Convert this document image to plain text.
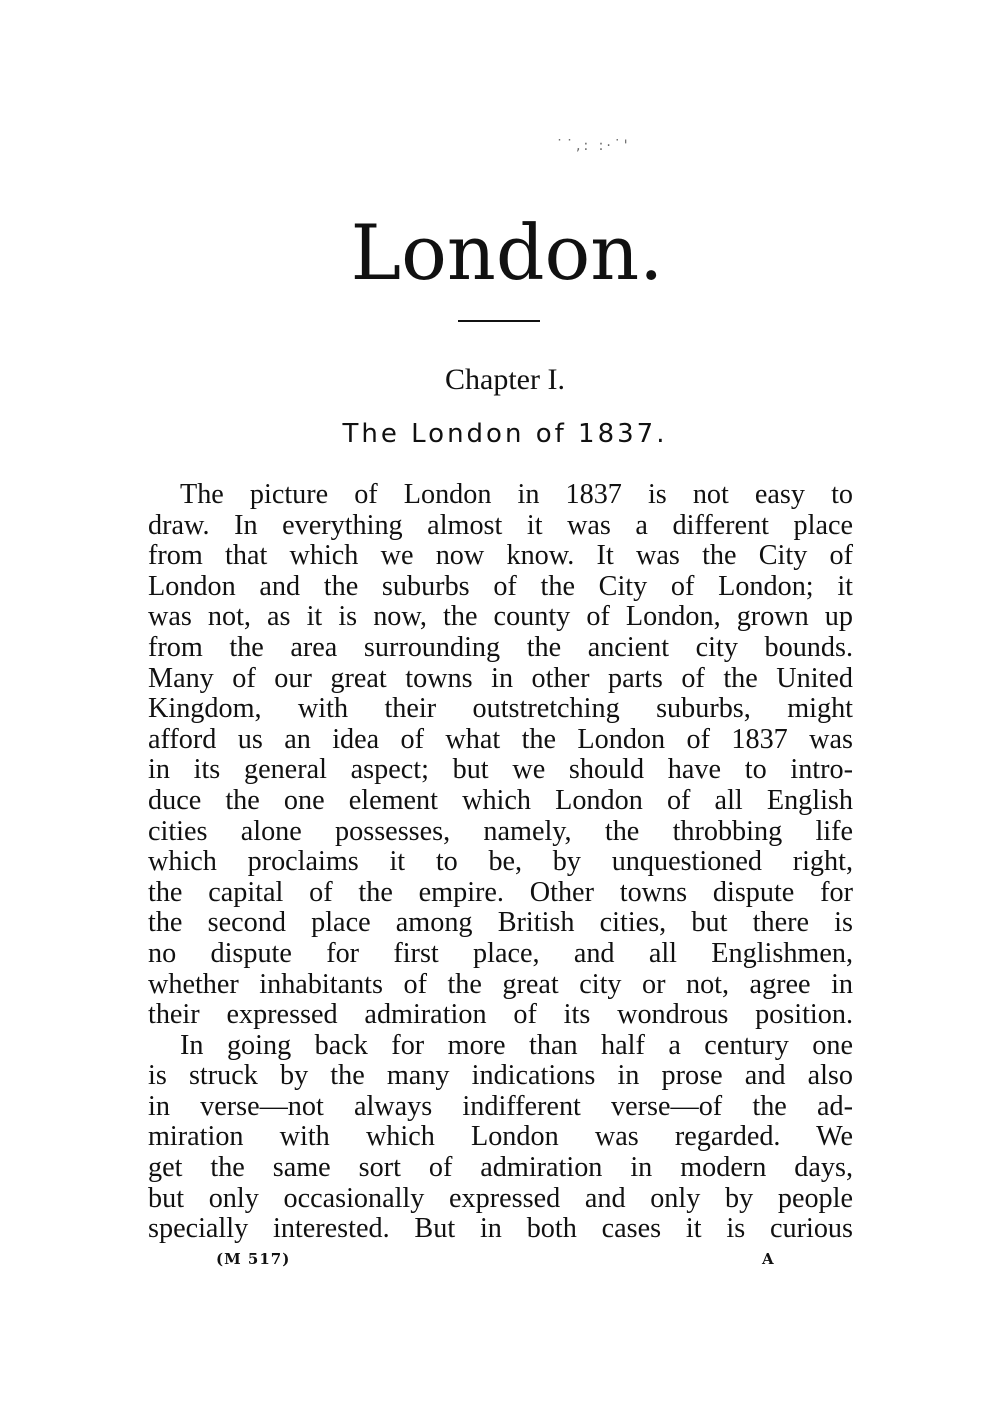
˙˙,: :·˙'
London.
Chapter I.
The London of 1837.
The picture of London in 1837 is not easy to
draw. In everything almost it was a different place
from that which we now know. It was the City of
London and the suburbs of the City of London; it
was not, as it is now, the county of London, grown up
from the area surrounding the ancient city bounds.
Many of our great towns in other parts of the United
Kingdom, with their outstretching suburbs, might
afford us an idea of what the London of 1837 was
in its general aspect; but we should have to intro-
duce the one element which London of all English
cities alone possesses, namely, the throbbing life
which proclaims it to be, by unquestioned right,
the capital of the empire. Other towns dispute for
the second place among British cities, but there is
no dispute for first place, and all Englishmen,
whether inhabitants of the great city or not, agree in
their expressed admiration of its wondrous position.
In going back for more than half a century one
is struck by the many indications in prose and also
in verse—not always indifferent verse—of the ad-
miration with which London was regarded. We
get the same sort of admiration in modern days,
but only occasionally expressed and only by people
specially interested. But in both cases it is curious
(M 517)	A
